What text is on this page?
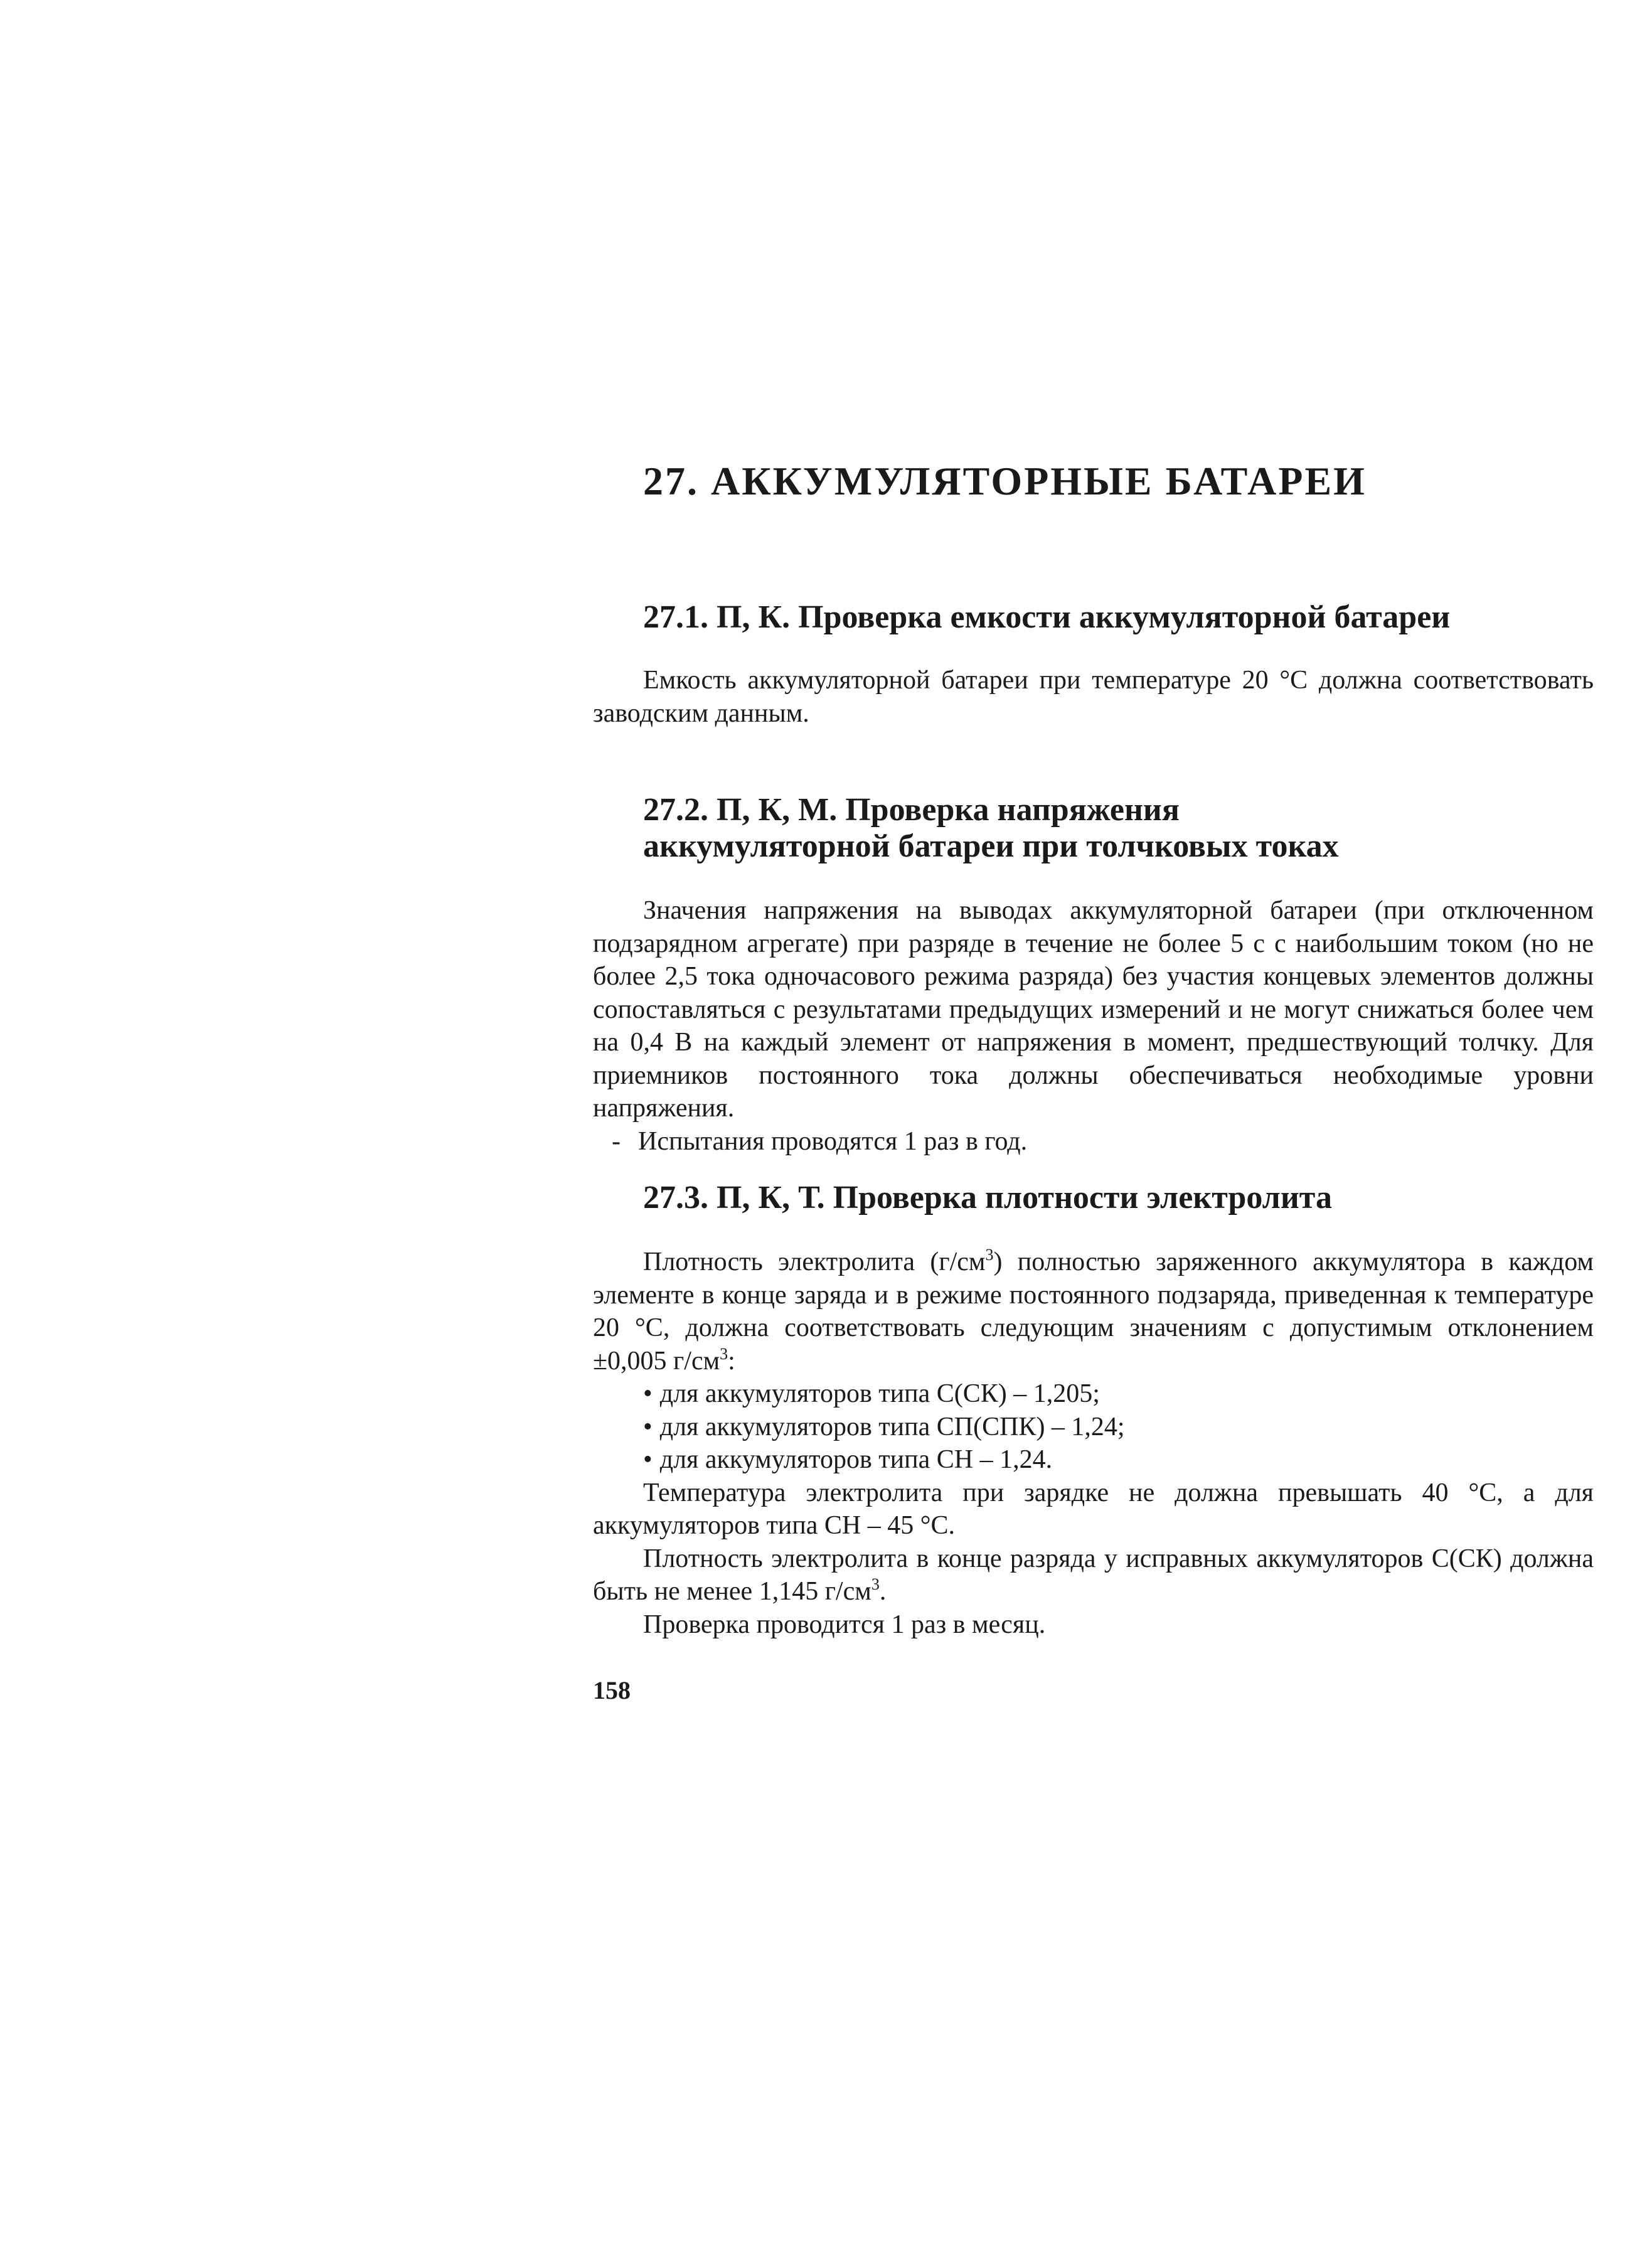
27. АККУМУЛЯТОРНЫЕ БАТАРЕИ
27.1. П, К. Проверка емкости аккумуляторной батареи

Емкость аккумуляторной батареи при температуре 20 °С должна соответствовать заводским данным.

27.2. П, К, М. Проверка напряжения
аккумуляторной батареи при толчковых токах

Значения напряжения на выводах аккумуляторной батареи (при отключенном подзарядном агрегате) при разряде в течение не более 5 с с наибольшим током (но не более 2,5 тока одночасового режима разряда) без участия концевых элементов должны сопоставляться с результатами предыдущих измерений и не могут снижаться более чем на 0,4 В на каждый элемент от напряжения в момент, предшествующий толчку. Для приемников постоянного тока должны обеспечиваться необходимые уровни напряжения.

- Испытания проводятся 1 раз в год.

27.3. П, К, Т. Проверка плотности электролита

Плотность электролита $(г/см^3)$ полностью заряженного аккумулятора в каждом элементе в конце заряда и в режиме постоянного подзаряда, приведенная к температуре 20 °С, должна соответствовать следующим значениям с допустимым отклонением ±0,005 $г/см^3$:

• для аккумуляторов типа С(СК) – 1,205;
• для аккумуляторов типа СП(СПК) – 1,24;
• для аккумуляторов типа СН – 1,24.

Температура электролита при зарядке не должна превышать 40 °С, а для аккумуляторов типа СН – 45 °С.

Плотность электролита в конце разряда у исправных аккумуляторов С(СК) должна быть не менее 1,145 $г/см^3$.

Проверка проводится 1 раз в месяц.

158
